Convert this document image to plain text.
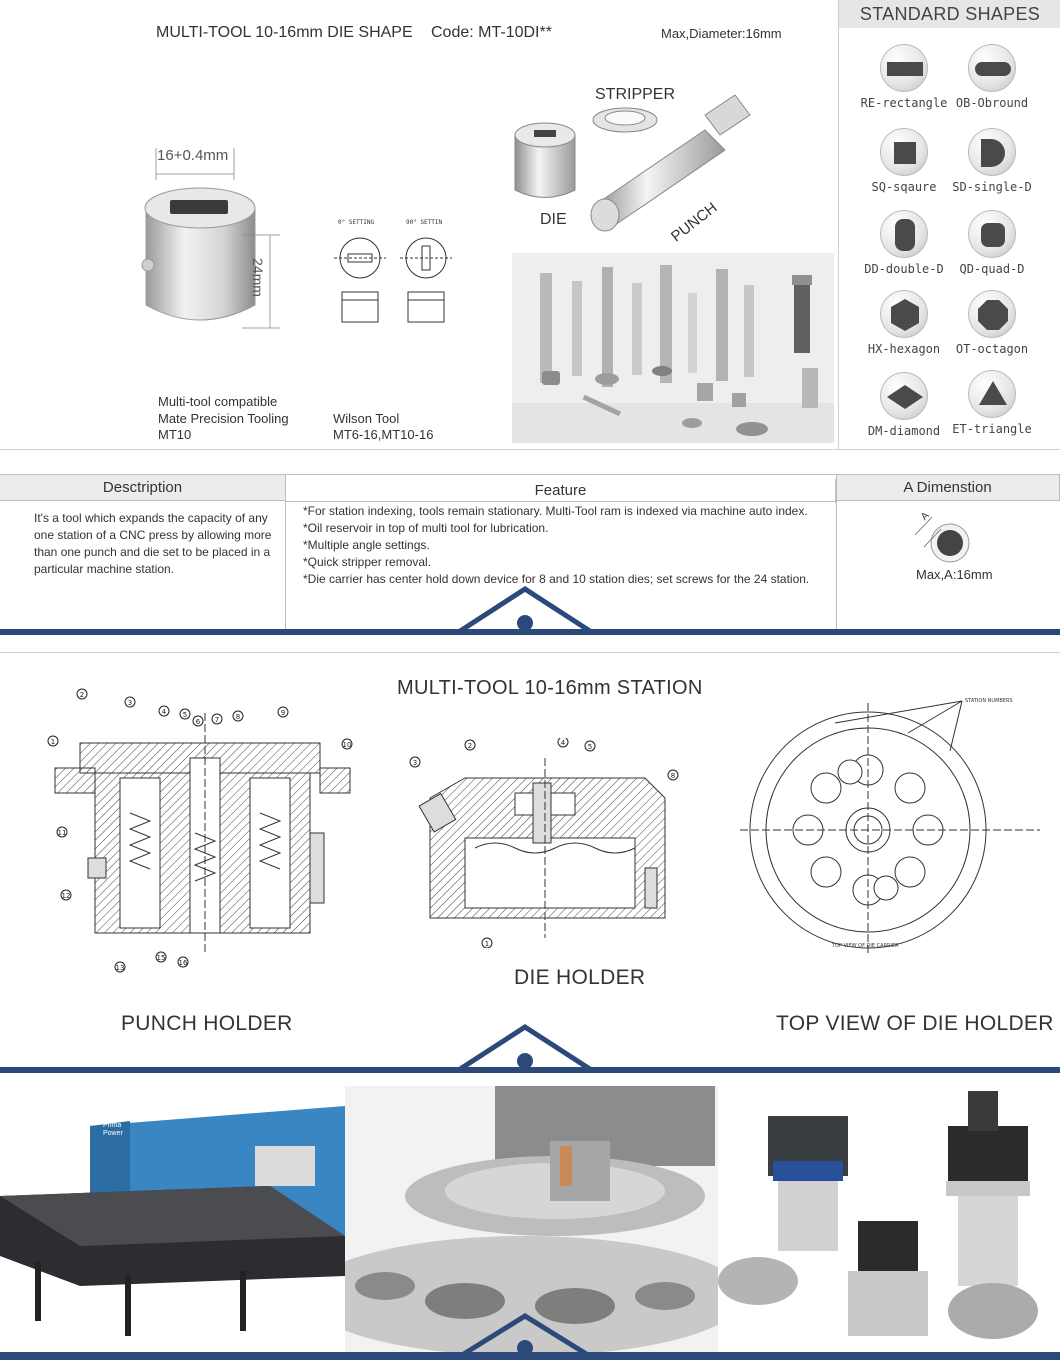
MULTI-TOOL 10-16mm DIE SHAPE Code: MT-10DI**	Max,Diameter:16mm
16+0.4mm
24mm
0° SETTING	90° SETTIN
STRIPPER
DIE	PUNCH
Multi-tool compatible
Mate Precision Tooling
MT10
Wilson Tool
MT6-16,MT10-16
STANDARD SHAPES
RE-rectangle OB-Obround
SQ-sqaure	SD-single-D
DD-double-D	QD-quad-D
HX-hexagon	OT-octagon
DM-diamond	ET-triangle
Desctription	Feature	A Dimenstion
It's a tool which expands the capacity of any one station of a CNC press by allowing more than one punch and die set to be placed in a particular machine station.
*For station indexing, tools remain stationary. Multi-Tool ram is indexed via machine auto index.
*Oil reservoir in top of multi tool for lubrication.
*Multiple angle settings.
*Quick stripper removal.
*Die carrier has center hold down device for 8 and 10 station dies; set screws for the 24 station.
A
Max,A:16mm
MULTI-TOOL 10-16mm STATION
1
2
3
4 5
6 7 8	9
10
11
12
13
15
16
1
2
3
4	5
8
STATION NUMBERS
TOP VIEW OF DIE CARRIER
DIE HOLDER
PUNCH HOLDER	TOP VIEW OF DIE HOLDER
Prima Power
